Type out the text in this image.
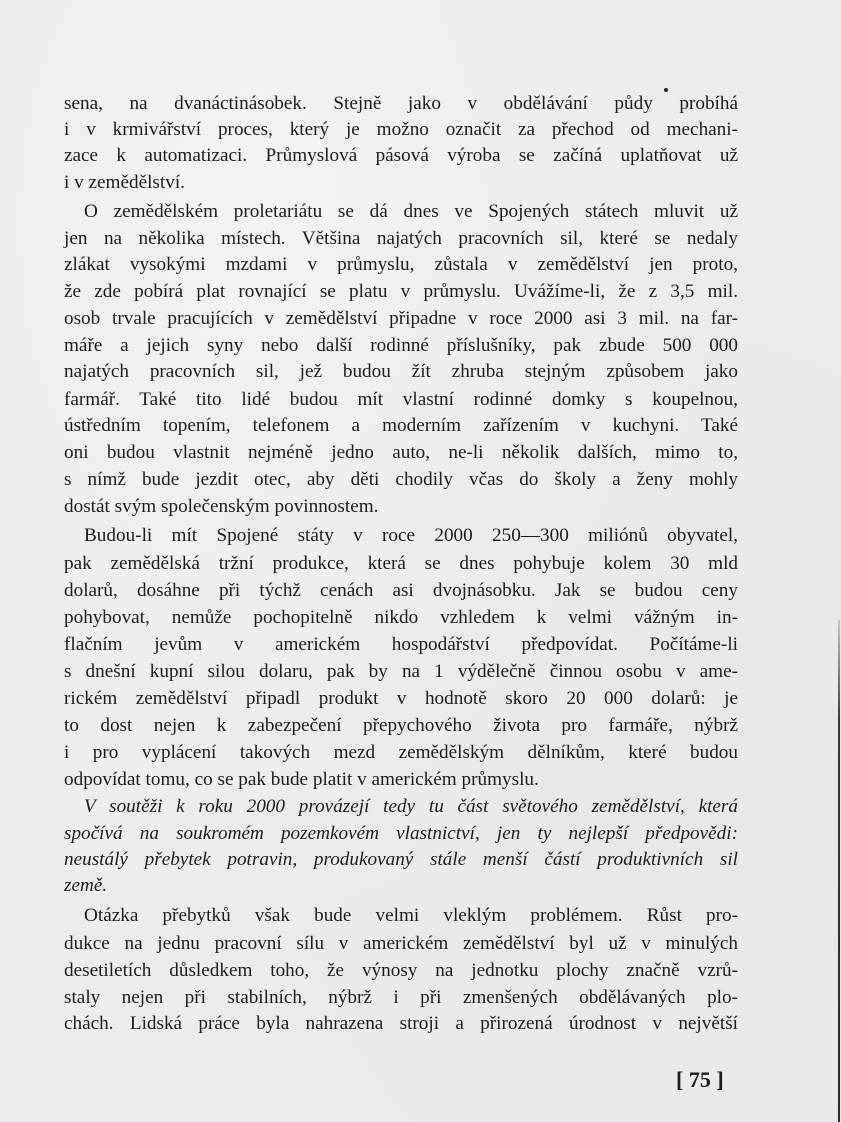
sena, na dvanáctinásobek. Stejně jako v obdělávání půdy probíhá
i v krmivářství proces, který je možno označit za přechod od mechani-
zace k automatizaci. Průmyslová pásová výroba se začíná uplatňovat už
i v zemědělství.
O zemědělském proletariátu se dá dnes ve Spojených státech mluvit už
jen na několika místech. Většina najatých pracovních sil, které se nedaly
zlákat vysokými mzdami v průmyslu, zůstala v zemědělství jen proto,
že zde pobírá plat rovnající se platu v průmyslu. Uvážíme-li, že z 3,5 mil.
osob trvale pracujících v zemědělství připadne v roce 2000 asi 3 mil. na far-
máře a jejich syny nebo další rodinné příslušníky, pak zbude 500 000
najatých pracovních sil, jež budou žít zhruba stejným způsobem jako
farmář. Také tito lidé budou mít vlastní rodinné domky s koupelnou,
ústředním topením, telefonem a moderním zařízením v kuchyni. Také
oni budou vlastnit nejméně jedno auto, ne-li několik dalších, mimo to,
s nímž bude jezdit otec, aby děti chodily včas do školy a ženy mohly
dostát svým společenským povinnostem.
Budou-li mít Spojené státy v roce 2000 250—300 miliónů obyvatel,
pak zemědělská tržní produkce, která se dnes pohybuje kolem 30 mld
dolarů, dosáhne při týchž cenách asi dvojnásobku. Jak se budou ceny
pohybovat, nemůže pochopitelně nikdo vzhledem k velmi vážným in-
flačním jevům v americkém hospodářství předpovídat. Počítáme-li
s dnešní kupní silou dolaru, pak by na 1 výdělečně činnou osobu v ame-
rickém zemědělství připadl produkt v hodnotě skoro 20 000 dolarů: je
to dost nejen k zabezpečení přepychového života pro farmáře, nýbrž
i pro vyplácení takových mezd zemědělským dělníkům, které budou
odpovídat tomu, co se pak bude platit v americkém průmyslu.
V soutěži k roku 2000 provázejí tedy tu část světového zemědělství, která
spočívá na soukromém pozemkovém vlastnictví, jen ty nejlepší předpovědi:
neustálý přebytek potravin, produkovaný stále menší částí produktivních sil
země.
Otázka přebytků však bude velmi vleklým problémem. Růst pro-
dukce na jednu pracovní sílu v americkém zemědělství byl už v minulých
desetiletích důsledkem toho, že výnosy na jednotku plochy značně vzrů-
staly nejen při stabilních, nýbrž i při zmenšených obdělávaných plo-
chách. Lidská práce byla nahrazena stroji a přirozená úrodnost v největší
[ 75 ]
